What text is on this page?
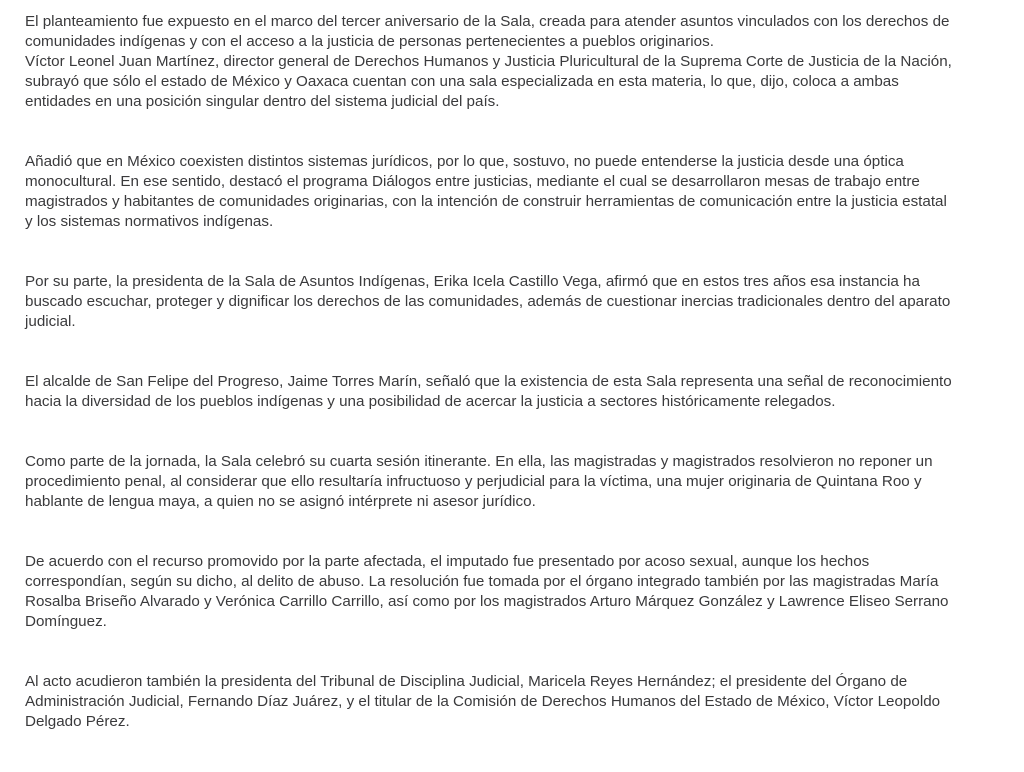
El planteamiento fue expuesto en el marco del tercer aniversario de la Sala, creada para atender asuntos vinculados con los derechos de
comunidades indígenas y con el acceso a la justicia de personas pertenecientes a pueblos originarios.
Víctor Leonel Juan Martínez, director general de Derechos Humanos y Justicia Pluricultural de la Suprema Corte de Justicia de la Nación,
subrayó que sólo el estado de México y Oaxaca cuentan con una sala especializada en esta materia, lo que, dijo, coloca a ambas
entidades en una posición singular dentro del sistema judicial del país.

Añadió que en México coexisten distintos sistemas jurídicos, por lo que, sostuvo, no puede entenderse la justicia desde una óptica
monocultural. En ese sentido, destacó el programa Diálogos entre justicias, mediante el cual se desarrollaron mesas de trabajo entre
magistrados y habitantes de comunidades originarias, con la intención de construir herramientas de comunicación entre la justicia estatal
y los sistemas normativos indígenas.

Por su parte, la presidenta de la Sala de Asuntos Indígenas, Erika Icela Castillo Vega, afirmó que en estos tres años esa instancia ha
buscado escuchar, proteger y dignificar los derechos de las comunidades, además de cuestionar inercias tradicionales dentro del aparato
judicial.

El alcalde de San Felipe del Progreso, Jaime Torres Marín, señaló que la existencia de esta Sala representa una señal de reconocimiento
hacia la diversidad de los pueblos indígenas y una posibilidad de acercar la justicia a sectores históricamente relegados.

Como parte de la jornada, la Sala celebró su cuarta sesión itinerante. En ella, las magistradas y magistrados resolvieron no reponer un
procedimiento penal, al considerar que ello resultaría infructuoso y perjudicial para la víctima, una mujer originaria de Quintana Roo y
hablante de lengua maya, a quien no se asignó intérprete ni asesor jurídico.

De acuerdo con el recurso promovido por la parte afectada, el imputado fue presentado por acoso sexual, aunque los hechos
correspondían, según su dicho, al delito de abuso. La resolución fue tomada por el órgano integrado también por las magistradas María
Rosalba Briseño Alvarado y Verónica Carrillo Carrillo, así como por los magistrados Arturo Márquez González y Lawrence Eliseo Serrano
Domínguez.

Al acto acudieron también la presidenta del Tribunal de Disciplina Judicial, Maricela Reyes Hernández; el presidente del Órgano de
Administración Judicial, Fernando Díaz Juárez, y el titular de la Comisión de Derechos Humanos del Estado de México, Víctor Leopoldo
Delgado Pérez.
